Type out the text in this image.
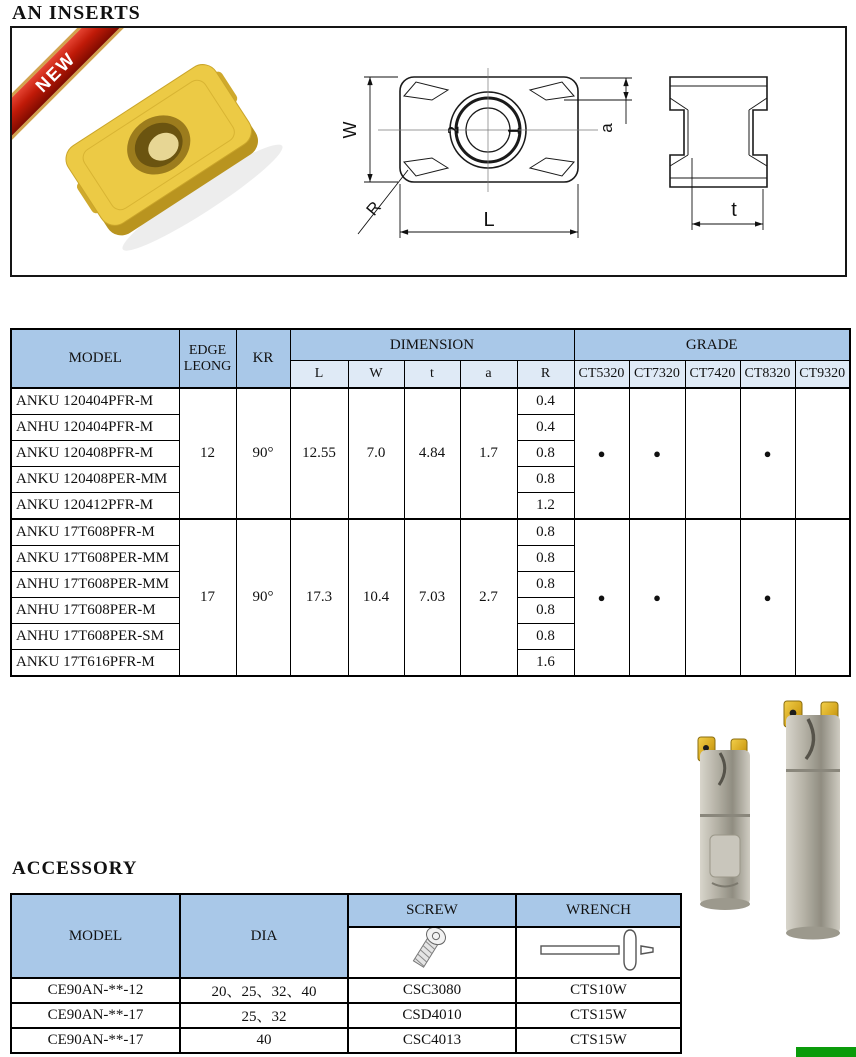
AN INSERTS
2	1
W
L
a
R	t
NEW
MODEL	EDGE LEONG	KR	DIMENSION					GRADE				
			L	W	t	a	R	CT5320	CT7320	CT7420	CT8320	CT9320
ANKU 120404PFR-M	12	90°	12.55	7.0	4.84	1.7	0.4	●	●		●	
ANHU 120404PFR-M							0.4					
ANKU 120408PFR-M							0.8					
ANKU 120408PER-MM							0.8					
ANKU 120412PFR-M							1.2					
ANKU 17T608PFR-M	17	90°	17.3	10.4	7.03	2.7	0.8	●	●		●	
ANKU 17T608PER-MM							0.8					
ANHU 17T608PER-MM							0.8					
ANHU 17T608PER-M							0.8					
ANHU 17T608PER-SM							0.8					
ANKU 17T616PFR-M							1.6					
ACCESSORY
MODEL	DIA	SCREW	WRENCH

CE90AN-**-12	20、25、32、40	CSC3080	CTS10W
CE90AN-**-17	25、32	CSD4010	CTS15W
CE90AN-**-17	40	CSC4013	CTS15W
